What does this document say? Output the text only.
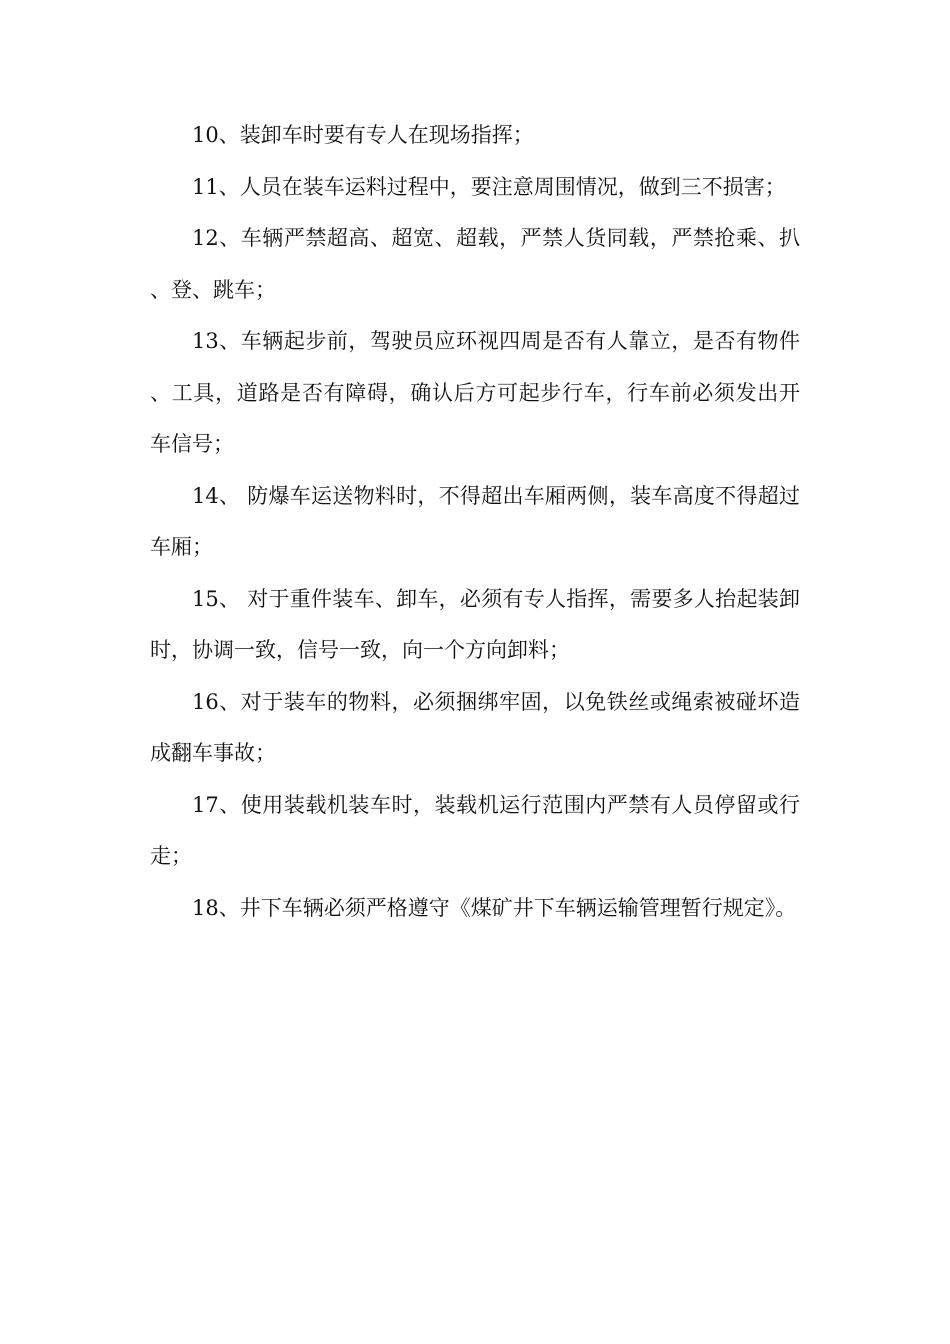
10、装卸车时要有专人在现场指挥；

11、人员在装车运料过程中，要注意周围情况，做到三不损害；

12、车辆严禁超高、超宽、超载，严禁人货同载，严禁抢乘、扒、登、跳车；

13、车辆起步前，驾驶员应环视四周是否有人靠立，是否有物件、工具，道路是否有障碍，确认后方可起步行车，行车前必须发出开车信号；

14、 防爆车运送物料时，不得超出车厢两侧，装车高度不得超过车厢；

15、 对于重件装车、卸车，必须有专人指挥，需要多人抬起装卸时，协调一致，信号一致，向一个方向卸料；

16、对于装车的物料，必须捆绑牢固，以免铁丝或绳索被碰坏造成翻车事故；

17、使用装载机装车时，装载机运行范围内严禁有人员停留或行走；

18、井下车辆必须严格遵守《煤矿井下车辆运输管理暂行规定》。
